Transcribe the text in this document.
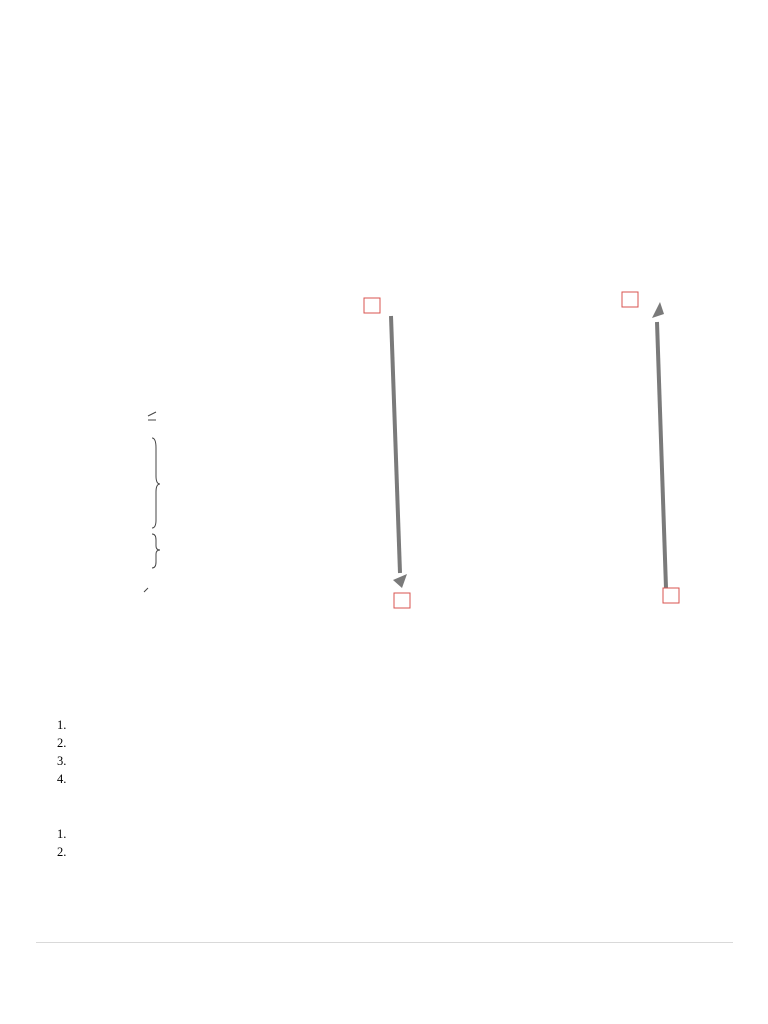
1.
2.
3.
4.
1.
2.
